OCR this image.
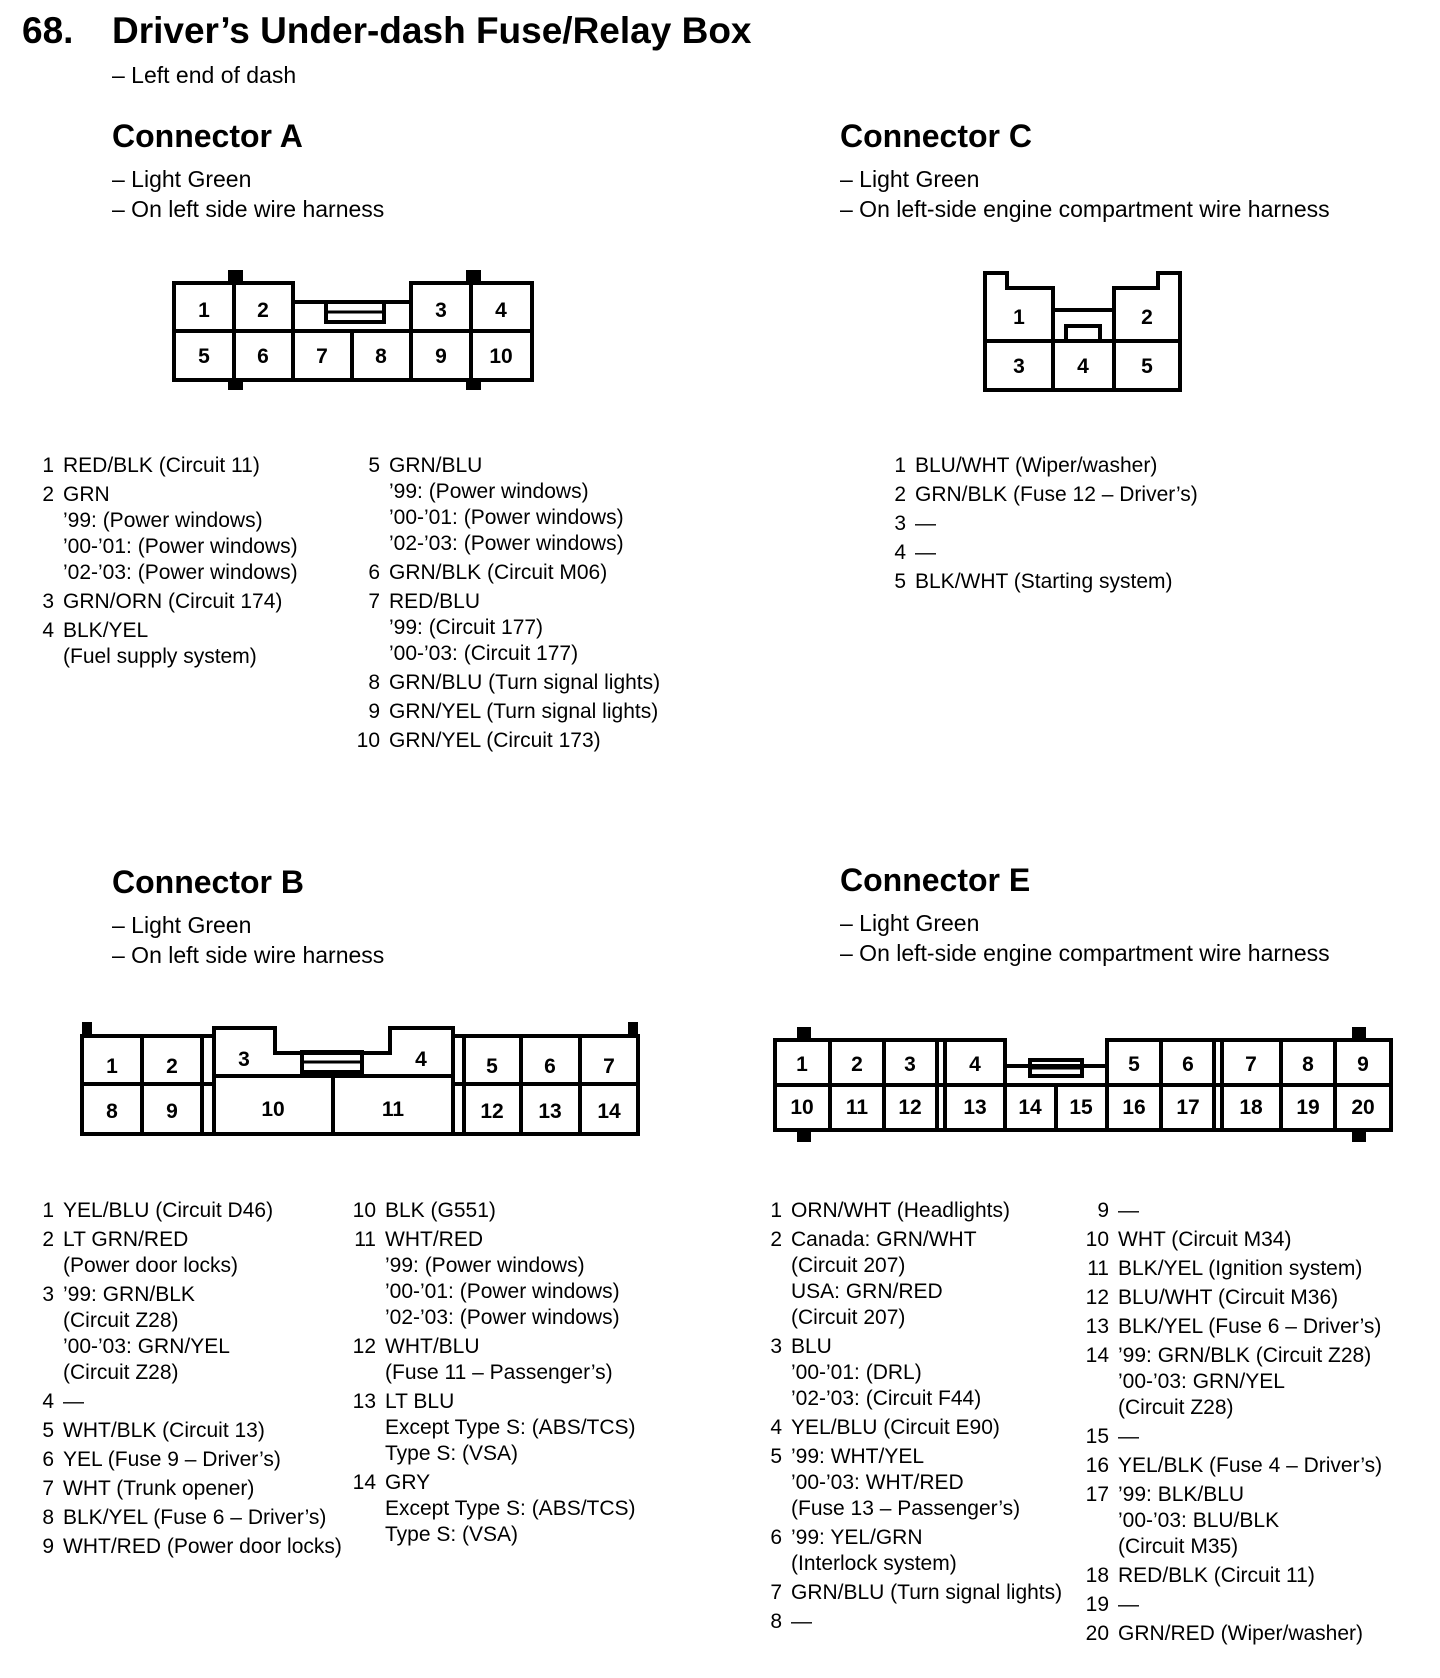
68. Driver’s Under-dash Fuse/Relay Box
– Left end of dash
Connector A
– Light Green
– On left side wire harness
1 2	3 4
5 6 7 8 9 10
1	2
3 4 5
1 2	3	4	5 6 7
8 9	10	11	12 13 14
1 2 3	4	5 6 7 8 9
10 11 12 13 14 15 16 17 18 19 20
1 RED/BLK (Circuit 11)
2 GRN
’99: (Power windows)
’00-’01: (Power windows)
’02-’03: (Power windows)
3 GRN/ORN (Circuit 174)
4 BLK/YEL
(Fuel supply system)
5 GRN/BLU
’99: (Power windows)
’00-’01: (Power windows)
’02-’03: (Power windows)
6 GRN/BLK (Circuit M06)
7 RED/BLU
’99: (Circuit 177)
’00-’03: (Circuit 177)
8 GRN/BLU (Turn signal lights)
9 GRN/YEL (Turn signal lights)
10 GRN/YEL (Circuit 173)
Connector C
– Light Green
– On left-side engine compartment wire harness
1 BLU/WHT (Wiper/washer)
2 GRN/BLK (Fuse 12 – Driver’s)
3 —
4 —
5 BLK/WHT (Starting system)
Connector B
– Light Green
– On left side wire harness
1 YEL/BLU (Circuit D46)
2 LT GRN/RED
(Power door locks)
3 ’99: GRN/BLK
(Circuit Z28)
’00-’03: GRN/YEL
(Circuit Z28)
4 —
5 WHT/BLK (Circuit 13)
6 YEL (Fuse 9 – Driver’s)
7 WHT (Trunk opener)
8 BLK/YEL (Fuse 6 – Driver’s)
9 WHT/RED (Power door locks)
10 BLK (G551)
11 WHT/RED
’99: (Power windows)
’00-’01: (Power windows)
’02-’03: (Power windows)
12 WHT/BLU
(Fuse 11 – Passenger’s)
13 LT BLU
Except Type S: (ABS/TCS)
Type S: (VSA)
14 GRY
Except Type S: (ABS/TCS)
Type S: (VSA)
Connector E
– Light Green
– On left-side engine compartment wire harness
1 ORN/WHT (Headlights)
2 Canada: GRN/WHT
(Circuit 207)
USA: GRN/RED
(Circuit 207)
3 BLU
’00-’01: (DRL)
’02-’03: (Circuit F44)
4 YEL/BLU (Circuit E90)
5 ’99: WHT/YEL
’00-’03: WHT/RED
(Fuse 13 – Passenger’s)
6 ’99: YEL/GRN
(Interlock system)
7 GRN/BLU (Turn signal lights)
8 —
9 —
10 WHT (Circuit M34)
11 BLK/YEL (Ignition system)
12 BLU/WHT (Circuit M36)
13 BLK/YEL (Fuse 6 – Driver’s)
14 ’99: GRN/BLK (Circuit Z28)
’00-’03: GRN/YEL
(Circuit Z28)
15 —
16 YEL/BLK (Fuse 4 – Driver’s)
17 ’99: BLK/BLU
’00-’03: BLU/BLK
(Circuit M35)
18 RED/BLK (Circuit 11)
19 —
20 GRN/RED (Wiper/washer)
